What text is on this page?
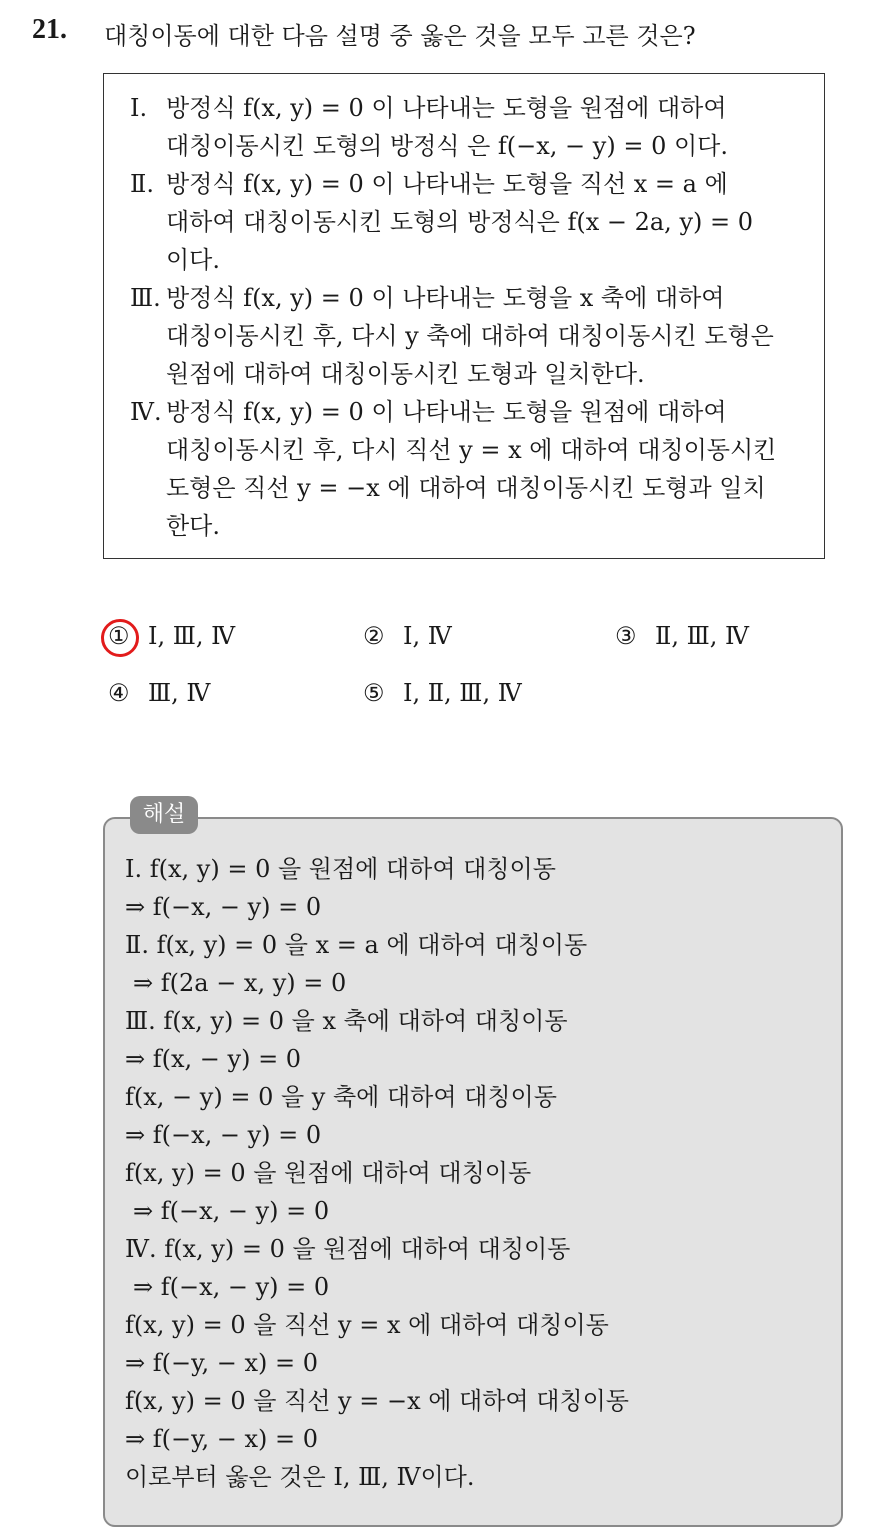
21. 대칭이동에 대한 다음 설명 중 옳은 것을 모두 고른 것은?
Ⅰ. 방정식 f(x, y) = 0 이 나타내는 도형을 원점에 대하여
대칭이동시킨 도형의 방정식 은 f(−x, − y) = 0 이다.
Ⅱ. 방정식 f(x, y) = 0 이 나타내는 도형을 직선 x = a 에
대하여 대칭이동시킨 도형의 방정식은 f(x − 2a, y) = 0
이다.
Ⅲ. 방정식 f(x, y) = 0 이 나타내는 도형을 x 축에 대하여
대칭이동시킨 후, 다시 y 축에 대하여 대칭이동시킨 도형은
원점에 대하여 대칭이동시킨 도형과 일치한다.
Ⅳ. 방정식 f(x, y) = 0 이 나타내는 도형을 원점에 대하여
대칭이동시킨 후, 다시 직선 y = x 에 대하여 대칭이동시킨
도형은 직선 y = −x 에 대하여 대칭이동시킨 도형과 일치
한다.
① Ⅰ, Ⅲ, Ⅳ	② Ⅰ, Ⅳ	③ Ⅱ, Ⅲ, Ⅳ
④ Ⅲ, Ⅳ	⑤ Ⅰ, Ⅱ, Ⅲ, Ⅳ
해설
Ⅰ. f(x, y) = 0 을 원점에 대하여 대칭이동
⇒ f(−x, − y) = 0
Ⅱ. f(x, y) = 0 을 x = a 에 대하여 대칭이동
⇒ f(2a − x, y) = 0
Ⅲ. f(x, y) = 0 을 x 축에 대하여 대칭이동
⇒ f(x, − y) = 0
f(x, − y) = 0 을 y 축에 대하여 대칭이동
⇒ f(−x, − y) = 0
f(x, y) = 0 을 원점에 대하여 대칭이동
⇒ f(−x, − y) = 0
Ⅳ. f(x, y) = 0 을 원점에 대하여 대칭이동
⇒ f(−x, − y) = 0
f(x, y) = 0 을 직선 y = x 에 대하여 대칭이동
⇒ f(−y, − x) = 0
f(x, y) = 0 을 직선 y = −x 에 대하여 대칭이동
⇒ f(−y, − x) = 0
이로부터 옳은 것은 Ⅰ, Ⅲ, Ⅳ이다.
